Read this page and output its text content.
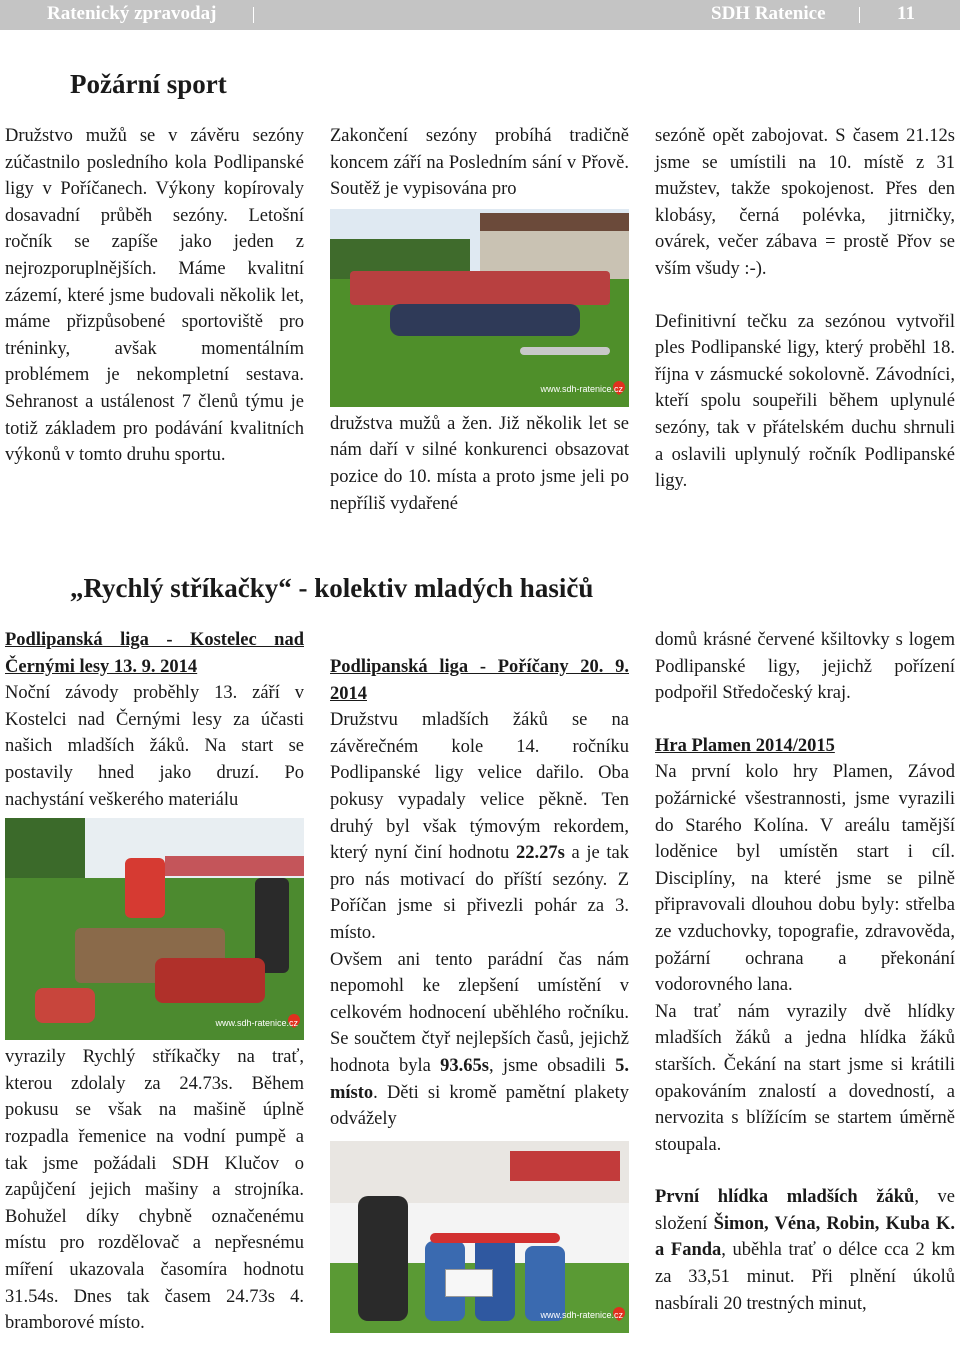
Ratenický zpravodaj	SDH Ratenice	11
Požární sport

Družstvo mužů se v závěru sezóny zúčastnilo posledního kola Podlipanské ligy v Poříčanech. Výkony kopírovaly dosavadní průběh sezóny. Letošní ročník se zapíše jako jeden z nejrozporuplnějších. Máme kvalitní zázemí, které jsme budovali několik let, máme přizpůsobené sportoviště pro tréninky, avšak momentálním problémem je nekompletní sestava. Sehranost a ustálenost 7 členů týmu je totiž základem pro podávání kvalitních výkonů v tomto druhu sportu.

Zakončení sezóny probíhá tradičně koncem září na Posledním sání v Přově. Soutěž je vypisována pro

www.sdh-ratenice.cz

družstva mužů a žen. Již několik let se nám daří v silné konkurenci obsazovat pozice do 10. místa a proto jsme jeli po nepříliš vydařené

sezóně opět zabojovat. S časem 21.12s jsme se umístili na 10. místě z 31 mužstev, takže spokojenost. Přes den klobásy, černá polévka, jitrničky, ovárek, večer zábava = prostě Přov se vším všudy :-).

Definitivní tečku za sezónou vytvořil ples Podlipanské ligy, který proběhl 18. října v zásmucké sokolovně. Závodníci, kteří spolu soupeřili během uplynulé sezóny, tak v přátelském duchu shrnuli a oslavili uplynulý ročník Podlipanské ligy.

„Rychlý stříkačky“ - kolektiv mladých hasičů

Podlipanská liga - Kostelec nad Černými lesy 13. 9. 2014

Noční závody proběhly 13. září v Kostelci nad Černými lesy za účasti našich mladších žáků. Na start se postavily hned jako druzí. Po nachystání veškerého materiálu

www.sdh-ratenice.cz

vyrazily Rychlý stříkačky na trať, kterou zdolaly za 24.73s. Během pokusu se však na mašině úplně rozpadla řemenice na vodní pumpě a tak jsme požádali SDH Klučov o zapůjčení jejich mašiny a strojníka. Bohužel díky chybně označenému místu pro rozdělovač a nepřesnému míření ukazovala časomíra hodnotu 31.54s. Dnes tak časem 24.73s 4. bramborové místo.

Podlipanská liga - Poříčany 20. 9. 2014

Družstvu mladších žáků se na závěrečném kole 14. ročníku Podlipanské ligy velice dařilo. Oba pokusy vypadaly velice pěkně. Ten druhý byl však týmovým rekordem, který nyní činí hodnotu 22.27s a je tak pro nás motivací do příští sezóny. Z Poříčan jsme si přivezli pohár za 3. místo.

Ovšem ani tento parádní čas nám nepomohl ke zlepšení umístění v celkovém hodnocení uběhlého ročníku. Se součtem čtyř nejlepších časů, jejichž hodnota byla 93.65s, jsme obsadili 5. místo. Děti si kromě pamětní plakety odvážely

www.sdh-ratenice.cz

domů krásné červené kšiltovky s logem Podlipanské ligy, jejichž pořízení podpořil Středočeský kraj.

Hra Plamen 2014/2015

Na první kolo hry Plamen, Závod požárnické všestrannosti, jsme vyrazili do Starého Kolína. V areálu tamější loděnice byl umístěn start i cíl. Disciplíny, na které jsme se pilně připravovali dlouhou dobu byly: střelba ze vzduchovky, topografie, zdravověda, požární ochrana a překonání vodorovného lana.

Na trať nám vyrazily dvě hlídky mladších žáků a jedna hlídka žáků starších. Čekání na start jsme si krátili opakováním znalostí a dovedností, a nervozita s blížícím se startem úměrně stoupala.

První hlídka mladších žáků, ve složení Šimon, Véna, Robin, Kuba K. a Fanda, uběhla trať o délce cca 2 km za 33,51 minut. Při plnění úkolů nasbírali 20 trestných minut,
